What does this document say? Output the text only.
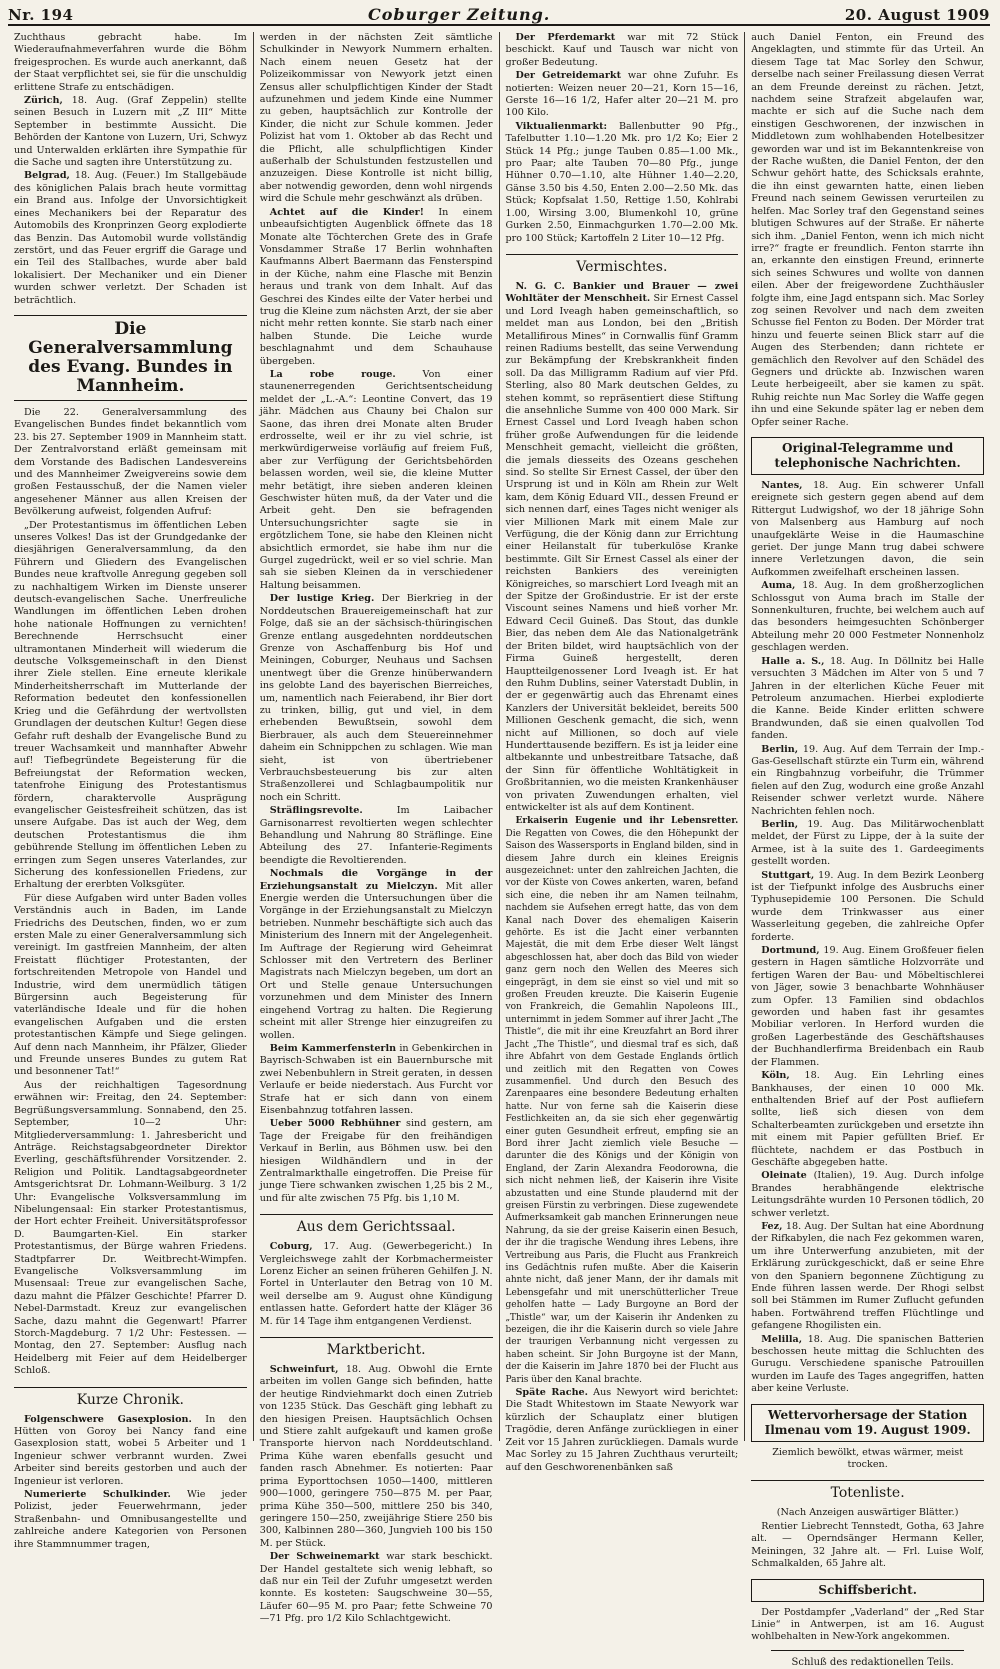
Nr. 194	Coburger Zeitung.	20. August 1909

Zuchthaus gebracht habe. Im Wiederaufnahmeverfahren wurde die Böhm freigesprochen. Es wurde auch anerkannt, daß der Staat verpflichtet sei, sie für die unschuldig erlittene Strafe zu entschädigen.

Zürich, 18. Aug. (Graf Zeppelin) stellte seinen Besuch in Luzern mit „Z III“ Mitte September in bestimmte Aussicht. Die Behörden der Kantone von Luzern, Uri, Schwyz und Unterwalden erklärten ihre Sympathie für die Sache und sagten ihre Unterstützung zu.

Belgrad, 18. Aug. (Feuer.) Im Stallgebäude des königlichen Palais brach heute vormittag ein Brand aus. Infolge der Unvorsichtigkeit eines Mechanikers bei der Reparatur des Automobils des Kronprinzen Georg explodierte das Benzin. Das Automobil wurde vollständig zerstört, und das Feuer ergriff die Garage und ein Teil des Stallbaches, wurde aber bald lokalisiert. Der Mechaniker und ein Diener wurden schwer verletzt. Der Schaden ist beträchtlich.

Die Generalversammlung des Evang. Bundes in Mannheim.

Die 22. Generalversammlung des Evangelischen Bundes findet bekanntlich vom 23. bis 27. September 1909 in Mannheim statt. Der Zentralvorstand erläßt gemeinsam mit dem Vorstande des Badischen Landesvereins und des Mannheimer Zweigvereins sowie dem großen Festausschuß, der die Namen vieler angesehener Männer aus allen Kreisen der Bevölkerung aufweist, folgenden Aufruf:

„Der Protestantismus im öffentlichen Leben unseres Volkes! Das ist der Grundgedanke der diesjährigen Generalversammlung, da den Führern und Gliedern des Evangelischen Bundes neue kraftvolle Anregung gegeben soll zu nachhaltigem Wirken im Dienste unserer deutsch-evangelischen Sache. Unerfreuliche Wandlungen im öffentlichen Leben drohen hohe nationale Hoffnungen zu vernichten! Berechnende Herrschsucht einer ultramontanen Minderheit will wiederum die deutsche Volksgemeinschaft in den Dienst ihrer Ziele stellen. Eine erneute klerikale Minderheitsherrschaft im Mutterlande der Reformation bedeutet den konfessionellen Krieg und die Gefährdung der wertvollsten Grundlagen der deutschen Kultur! Gegen diese Gefahr ruft deshalb der Evangelische Bund zu treuer Wachsamkeit und mannhafter Abwehr auf! Tiefbegründete Begeisterung für die Befreiungstat der Reformation wecken, tatenfrohe Einigung des Protestantismus fördern, charaktervolle Ausprägung evangelischer Geistesfreiheit schützen, das ist unsere Aufgabe. Das ist auch der Weg, dem deutschen Protestantismus die ihm gebührende Stellung im öffentlichen Leben zu erringen zum Segen unseres Vaterlandes, zur Sicherung des konfessionellen Friedens, zur Erhaltung der ererbten Volksgüter.

Für diese Aufgaben wird unter Baden volles Verständnis auch in Baden, im Lande Friedrichs des Deutschen, finden, wo er zum ersten Male zu einer Generalversammlung sich vereinigt. Im gastfreien Mannheim, der alten Freistatt flüchtiger Protestanten, der fortschreitenden Metropole von Handel und Industrie, wird dem unermüdlich tätigen Bürgersinn auch Begeisterung für vaterländische Ideale und für die hohen evangelischen Aufgaben und die ersten protestantischen Kämpfe und Siege gelingen. Auf denn nach Mannheim, ihr Pfälzer, Glieder und Freunde unseres Bundes zu gutem Rat und besonnener Tat!“

Aus der reichhaltigen Tagesordnung erwähnen wir: Freitag, den 24. September: Begrüßungsversammlung. Sonnabend, den 25. September, 10—2 Uhr: Mitgliederversammlung: 1. Jahresbericht und Anträge. Reichstagsabgeordneter Direktor Everling, geschäftsführender Vorsitzender. 2. Religion und Politik. Landtagsabgeordneter Amtsgerichtsrat Dr. Lohmann-Weilburg. 3 1/2 Uhr: Evangelische Volksversammlung im Nibelungensaal: Ein starker Protestantismus, der Hort echter Freiheit. Universitätsprofessor D. Baumgarten-Kiel. Ein starker Protestantismus, der Bürge wahren Friedens. Stadtpfarrer Dr. Weitbrecht-Wimpfen. Evangelische Volksversammlung im Musensaal: Treue zur evangelischen Sache, dazu mahnt die Pfälzer Geschichte! Pfarrer D. Nebel-Darmstadt. Kreuz zur evangelischen Sache, dazu mahnt die Gegenwart! Pfarrer Storch-Magdeburg. 7 1/2 Uhr: Festessen. — Montag, den 27. September: Ausflug nach Heidelberg mit Feier auf dem Heidelberger Schloß.

Kurze Chronik.

Folgenschwere Gasexplosion. In den Hütten von Goroy bei Nancy fand eine Gasexplosion statt, wobei 5 Arbeiter und 1 Ingenieur schwer verbrannt wurden. Zwei Arbeiter sind bereits gestorben und auch der Ingenieur ist verloren.

Numerierte Schulkinder. Wie jeder Polizist, jeder Feuerwehrmann, jeder Straßenbahn- und Omnibusangestellte und zahlreiche andere Kategorien von Personen ihre Stammnummer tragen,

werden in der nächsten Zeit sämtliche Schulkinder in Newyork Nummern erhalten. Nach einem neuen Gesetz hat der Polizeikommissar von Newyork jetzt einen Zensus aller schulpflichtigen Kinder der Stadt aufzunehmen und jedem Kinde eine Nummer zu geben, hauptsächlich zur Kontrolle der Kinder, die nicht zur Schule kommen. Jeder Polizist hat vom 1. Oktober ab das Recht und die Pflicht, alle schulpflichtigen Kinder außerhalb der Schulstunden festzustellen und anzuzeigen. Diese Kontrolle ist nicht billig, aber notwendig geworden, denn wohl nirgends wird die Schule mehr geschwänzt als drüben.

Achtet auf die Kinder! In einem unbeaufsichtigten Augenblick öffnete das 18 Monate alte Töchterchen Grete des in Grafe Vonsdammer Straße 17 Berlin wohnhaften Kaufmanns Albert Baermann das Fensterspind in der Küche, nahm eine Flasche mit Benzin heraus und trank von dem Inhalt. Auf das Geschrei des Kindes eilte der Vater herbei und trug die Kleine zum nächsten Arzt, der sie aber nicht mehr retten konnte. Sie starb nach einer halben Stunde. Die Leiche wurde beschlagnahmt und dem Schauhause übergeben.

La robe rouge.	Von einer staunenerregenden Gerichtsentscheidung meldet der „L.-A.“: Leontine Convert, das 19 jähr. Mädchen aus Chauny bei Chalon sur Saone, das ihren drei Monate alten Bruder erdrosselte, weil er ihr zu viel schrie, ist merkwürdigerweise vorläufig auf freiem Fuß, aber zur Verfügung der Gerichtsbehörden belassen worden, weil sie, die kleine Mutter mehr betätigt, ihre sieben anderen kleinen Geschwister hüten muß, da der Vater und die Arbeit geht. Den sie befragenden Untersuchungsrichter sagte sie in ergötzlichem Tone, sie habe den Kleinen nicht absichtlich ermordet, sie habe ihm nur die Gurgel zugedrückt, weil er so viel schrie. Man sah sie sieben Kleinen da in verschiedener Haltung beisammen.

Der lustige Krieg. Der Bierkrieg in der Norddeutschen Brauereigemeinschaft hat zur Folge, daß sie an der sächsisch-thüringischen Grenze entlang ausgedehnten norddeutschen Grenze von Aschaffenburg bis Hof und Meiningen, Coburger, Neuhaus und Sachsen unentwegt über die Grenze hinüberwandern ins gelobte Land des bayerischen Bierreiches, um, namentlich nach Feierabend, ihr Bier dort zu trinken, billig, gut und viel, in dem erhebenden Bewußtsein, sowohl dem Bierbrauer, als auch dem Steuereinnehmer daheim ein Schnippchen zu schlagen. Wie man sieht, ist von übertriebener Verbrauchsbesteuerung bis zur alten Straßenzollerei und Schlagbaumpolitik nur noch ein Schritt.

Sträflingsrevolte.	Im Laibacher Garnisonarrest revoltierten wegen schlechter Behandlung und Nahrung 80 Sträflinge. Eine Abteilung des 27. Infanterie-Regiments beendigte die Revoltierenden.

Nochmals die Vorgänge in der Erziehungsanstalt zu Mielczyn. Mit aller Energie werden die Untersuchungen über die Vorgänge in der Erziehungsanstalt zu Mielczyn betrieben. Nunmehr beschäftigte sich auch das Ministerium des Innern mit der Angelegenheit. Im Auftrage der Regierung wird Geheimrat Schlosser mit den Vertretern des Berliner Magistrats nach Mielczyn begeben, um dort an Ort und Stelle genaue Untersuchungen vorzunehmen und dem Minister des Innern eingehend Vortrag zu halten. Die Regierung scheint mit aller Strenge hier einzugreifen zu wollen.

Beim Kammerfensterln in Gebenkirchen in Bayrisch-Schwaben ist ein Bauernbursche mit zwei Nebenbuhlern in Streit geraten, in dessen Verlaufe er beide niederstach. Aus Furcht vor Strafe hat er sich dann von einem Eisenbahnzug totfahren lassen.

Ueber 5000 Rebhühner sind gestern, am Tage der Freigabe für den freihändigen Verkauf in Berlin, aus Böhmen usw. bei den hiesigen Wildhändlern und in der Zentralmarkthalle eingetroffen. Die Preise für junge Tiere schwanken zwischen 1,25 bis 2 M., und für alte zwischen 75 Pfg. bis 1,10 M.

Aus dem Gerichtssaal.

Coburg, 17. Aug. (Gewerbegericht.) In Vergleichswege zahlt der Korbmachermeister Lorenz Eicher an seinen früheren Gehilfen J. N. Fortel in Unterlauter den Betrag von 10 M. weil derselbe am 9. August ohne Kündigung entlassen hatte. Gefordert hatte der Kläger 36 M. für 14 Tage ihm entgangenen Verdienst.

Marktbericht.

Schweinfurt, 18. Aug. Obwohl die Ernte arbeiten im vollen Gange sich befinden, hatte der heutige Rindviehmarkt doch einen Zutrieb von 1235 Stück. Das Geschäft ging lebhaft zu den hiesigen Preisen. Hauptsächlich Ochsen und Stiere zahlt aufgekauft und kamen große Transporte hiervon nach Norddeutschland. Prima Kühe waren ebenfalls gesucht und fanden rasch Abnehmer. Es notierten: Paar prima Eyporttochsen 1050—1400, mittleren 900—1000, geringere 750—875 M. per Paar, prima Kühe 350—500, mittlere 250 bis 340, geringere 150—250, zweijährige Stiere 250 bis 300, Kalbinnen 280—360, Jungvieh 100 bis 150 M. per Stück.

Der Schweinemarkt war stark beschickt. Der Handel gestaltete sich wenig lebhaft, so daß nur ein Teil der Zufuhr umgesetzt werden konnte. Es kosteten: Saugschweine 30—55, Läufer 60—95 M. pro Paar; fette Schweine 70—71 Pfg. pro 1/2 Kilo Schlachtgewicht.

Der Pferdemarkt war mit 72 Stück beschickt. Kauf und Tausch war nicht von großer Bedeutung.

Der Getreidemarkt war ohne Zufuhr. Es notierten: Weizen neuer 20—21, Korn 15—16, Gerste 16—16 1/2, Hafer alter 20—21 M. pro 100 Kilo.

Viktualienmarkt: Ballenbutter 90 Pfg., Tafelbutter 1.10—1.20 Mk. pro 1/2 Ko; Eier 2 Stück 14 Pfg.; junge Tauben 0.85—1.00 Mk., pro Paar; alte Tauben 70—80 Pfg., junge Hühner 0.70—1.10, alte Hühner 1.40—2.20, Gänse 3.50 bis 4.50, Enten 2.00—2.50 Mk. das Stück; Kopfsalat 1.50, Rettige 1.50, Kohlrabi 1.00, Wirsing 3.00, Blumenkohl 10, grüne Gurken 2.50, Einmachgurken 1.70—2.00 Mk. pro 100 Stück; Kartoffeln 2 Liter 10—12 Pfg.

Vermischtes.

N. G. C. Bankier und Brauer — zwei Wohltäter der Menschheit. Sir Ernest Cassel und Lord Iveagh haben gemeinschaftlich, so meldet man aus London, bei den „British Metallifirous Mines“ in Cornwallis fünf Gramm reinen Radiums bestellt, das seine Verwendung zur Bekämpfung der Krebskrankheit finden soll. Da das Milligramm Radium auf vier Pfd. Sterling, also 80 Mark deutschen Geldes, zu stehen kommt, so repräsentiert diese Stiftung die ansehnliche Summe von 400 000 Mark. Sir Ernest Cassel und Lord Iveagh haben schon früher große Aufwendungen für die leidende Menschheit gemacht, vielleicht die größten, die jemals diesseits des Ozeans geschehen sind. So stellte Sir Ernest Cassel, der über den Ursprung ist und in Köln am Rhein zur Welt kam, dem König Eduard VII., dessen Freund er sich nennen darf, eines Tages nicht weniger als vier Millionen Mark mit einem Male zur Verfügung, die der König dann zur Errichtung einer Heilanstalt für tuberkulöse Kranke bestimmte. Gilt Sir Ernest Cassel als einer der reichsten Bankiers des vereinigten Königreiches, so marschiert Lord Iveagh mit an der Spitze der Großindustrie. Er ist der erste Viscount seines Namens und hieß vorher Mr. Edward Cecil Guineß. Das Stout, das dunkle Bier, das neben dem Ale das Nationalgetränk der Briten bildet, wird hauptsächlich von der Firma Guineß hergestellt, deren Hauptteilgenossener Lord Iveagh ist. Er hat den Ruhm Dublins, seiner Vaterstadt Dublin, in der er gegenwärtig auch das Ehrenamt eines Kanzlers der Universität bekleidet, bereits 500 Millionen Geschenk gemacht, die sich, wenn nicht auf Millionen, so doch auf viele Hunderttausende beziffern. Es ist ja leider eine altbekannte und unbestreitbare Tatsache, daß der Sinn für öffentliche Wohltätigkeit in Großbritannien, wo die meisten Krankenhäuser von privaten Zuwendungen erhalten, viel entwickelter ist als auf dem Kontinent.

Erkaiserin Eugenie und ihr Lebensretter. Die Regatten von Cowes, die den Höhepunkt der Saison des Wassersports in England bilden, sind in diesem Jahre durch ein kleines Ereignis ausgezeichnet: unter den zahlreichen Jachten, die vor der Küste von Cowes ankerten, waren, befand sich eine, die neben ihr am Namen teilnahm, nachdem sie Aufsehen erregt hatte, das von dem Kanal nach Dover des ehemaligen Kaiserin gehörte. Es ist die Jacht einer verbannten Majestät, die mit dem Erbe dieser Welt längst abgeschlossen hat, aber doch das Bild von wieder ganz gern noch den Wellen des Meeres sich eingeprägt, in dem sie einst so viel und mit so großen Freuden kreuzte. Die Kaiserin Eugenie von Frankreich, die Gemahlin Napoleons III., unternimmt in jedem Sommer auf ihrer Jacht „The Thistle“, die mit ihr eine Kreuzfahrt an Bord ihrer Jacht „The Thistle“, und diesmal traf es sich, daß ihre Abfahrt von dem Gestade Englands örtlich und zeitlich mit den Regatten von Cowes zusammenfiel. Und durch den Besuch des Zarenpaares eine besondere Bedeutung erhalten hatte. Nur von ferne sah die Kaiserin diese Festlichkeiten an, da sie sich eher gegenwärtig einer guten Gesundheit erfreut, empfing sie an Bord ihrer Jacht ziemlich viele Besuche — darunter die des Königs und der Königin von England, der Zarin Alexandra Feodorowna, die sich nicht nehmen ließ, der Kaiserin ihre Visite abzustatten und eine Stunde plaudernd mit der greisen Fürstin zu verbringen. Diese zugewendete Aufmerksamkeit gab manchen Erinnerungen neue Nahrung, da sie der greise Kaiserin einen Besuch, der ihr die tragische Wendung ihres Lebens, ihre Vertreibung aus Paris, die Flucht aus Frankreich ins Gedächtnis rufen mußte. Aber die Kaiserin ahnte nicht, daß jener Mann, der ihr damals mit Lebensgefahr und mit unerschütterlicher Treue geholfen hatte — Lady Burgoyne an Bord der „Thistle“ war, um der Kaiserin ihr Andenken zu bezeigen, die ihr die Kaiserin durch so viele Jahre der traurigen Verbannung nicht vergessen zu haben scheint. Sir John Burgoyne ist der Mann, der die Kaiserin im Jahre 1870 bei der Flucht aus Paris über den Kanal brachte.

Späte Rache. Aus Newyort wird berichtet: Die Stadt Whitestown im Staate Newyork war kürzlich der Schauplatz einer blutigen Tragödie, deren Anfänge zurückliegen in einer Zeit vor 15 Jahren zurückliegen. Damals wurde Mac Sorley zu 15 Jahren Zuchthaus verurteilt; auf den Geschworenenbänken saß

auch Daniel Fenton, ein Freund des Angeklagten, und stimmte für das Urteil. An diesem Tage tat Mac Sorley den Schwur, derselbe nach seiner Freilassung diesen Verrat an dem Freunde dereinst zu rächen. Jetzt, nachdem seine Strafzeit abgelaufen war, machte er sich auf die Suche nach dem einstigen Geschworenen, der inzwischen in Middletown zum wohlhabenden Hotelbesitzer geworden war und ist im Bekanntenkreise von der Rache wußten, die Daniel Fenton, der den Schwur gehört hatte, des Schicksals erahnte, die ihn einst gewarnten hatte, einen lieben Freund nach seinem Gewissen verurteilen zu helfen. Mac Sorley traf den Gegenstand seines blutigen Schwures auf der Straße. Er näherte sich ihm. „Daniel Fenton, wenn ich mich nicht irre?“ fragte er freundlich. Fenton starrte ihn an, erkannte den einstigen Freund, erinnerte sich seines Schwures und wollte von dannen eilen. Aber der freigewordene Zuchthäusler folgte ihm, eine Jagd entspann sich. Mac Sorley zog seinen Revolver und nach dem zweiten Schusse fiel Fenton zu Boden. Der Mörder trat hinzu und feuerte seinen Blick starr auf die Augen des Sterbenden; dann richtete er gemächlich den Revolver auf den Schädel des Gegners und drückte ab. Inzwischen waren Leute herbeigeeilt, aber sie kamen zu spät. Ruhig reichte nun Mac Sorley die Waffe gegen ihn und eine Sekunde später lag er neben dem Opfer seiner Rache.

Original-Telegramme und telephonische Nachrichten.

Nantes, 18. Aug. Ein schwerer Unfall ereignete sich gestern gegen abend auf dem Rittergut Ludwigshof, wo der 18 jährige Sohn von Malsenberg aus Hamburg auf noch unaufgeklärte Weise in die Haumaschine geriet. Der junge Mann trug dabei schwere innere Verletzungen davon, die sein Aufkommen zweifelhaft erscheinen lassen.

Auma, 18. Aug. In dem großherzoglichen Schlossgut von Auma brach im Stalle der Sonnenkulturen, fruchte, bei welchem auch auf das besonders heimgesuchten Schönberger Abteilung mehr 20 000 Festmeter Nonnenholz geschlagen werden.

Halle a. S., 18. Aug. In Döllnitz bei Halle versuchten 3 Mädchen im Alter von 5 und 7 Jahren in der elterlichen Küche Feuer mit Petroleum anzumachen. Hierbei explodierte die Kanne. Beide Kinder erlitten schwere Brandwunden, daß sie einen qualvollen Tod fanden.

Berlin, 19. Aug. Auf dem Terrain der Imp.-Gas-Gesellschaft stürzte ein Turm ein, während ein Ringbahnzug vorbeifuhr, die Trümmer fielen auf den Zug, wodurch eine große Anzahl Reisender schwer verletzt wurde. Nähere Nachrichten fehlen noch.

Berlin, 19. Aug. Das Militärwochenblatt meldet, der Fürst zu Lippe, der à la suite der Armee, ist à la suite des 1. Gardeegiments gestellt worden.

Stuttgart, 19. Aug. In dem Bezirk Leonberg ist der Tiefpunkt infolge des Ausbruchs einer Typhusepidemie 100 Personen. Die Schuld wurde dem Trinkwasser aus einer Wasserleitung gegeben, die zahlreiche Opfer forderte.

Dortmund, 19. Aug. Einem Großfeuer fielen gestern in Hagen sämtliche Holzvorräte und fertigen Waren der Bau- und Möbeltischlerei von Jäger, sowie 3 benachbarte Wohnhäuser zum Opfer. 13 Familien sind obdachlos geworden und haben fast ihr gesamtes Mobiliar verloren. In Herford wurden die großen Lagerbestände des Geschäftshauses der Buchhandlerfirma Breidenbach ein Raub der Flammen.

Köln, 18. Aug. Ein Lehrling eines Bankhauses, der einen 10 000 Mk. enthaltenden Brief auf der Post aufliefern sollte, ließ sich diesen von dem Schalterbeamten zurückgeben und ersetzte ihn mit einem mit Papier gefüllten Brief. Er flüchtete, nachdem er das Postbuch in Geschäfte abgegeben hatte.

Oleinate (Italien), 19. Aug. Durch infolge Brandes herabhängende elektrische Leitungsdrähte wurden 10 Personen tödlich, 20 schwer verletzt.

Fez, 18. Aug. Der Sultan hat eine Abordnung der Rifkabylen, die nach Fez gekommen waren, um ihre Unterwerfung anzubieten, mit der Erklärung zurückgeschickt, daß er seine Ehre von den Spaniern begonnene Züchtigung zu Ende führen lassen werde. Der Rhogi selbst soll bei Stämmen im Rumer Zuflucht gefunden haben. Fortwährend treffen Flüchtlinge und gefangene Rhogilisten ein.

Melilla, 18. Aug. Die spanischen Batterien beschossen heute mittag die Schluchten des Gurugu. Verschiedene spanische Patrouillen wurden im Laufe des Tages angegriffen, hatten aber keine Verluste.

Wettervorhersage der Station Ilmenau vom 19. August 1909.

Ziemlich bewölkt, etwas wärmer, meist trocken.

Totenliste.

(Nach Anzeigen auswärtiger Blätter.)

Rentier Liebrecht Tennstedt, Gotha, 63 Jahre alt. — Operndsänger Hermann Keller, Meiningen, 32 Jahre alt. — Frl. Luise Wolf, Schmalkalden, 65 Jahre alt.

Schiffsbericht.

Der Postdampfer „Vaderland“ der „Red Star Linie“ in Antwerpen, ist am 16. August wohlbehalten in New-York angekommen.

Schluß des redaktionellen Teils.
